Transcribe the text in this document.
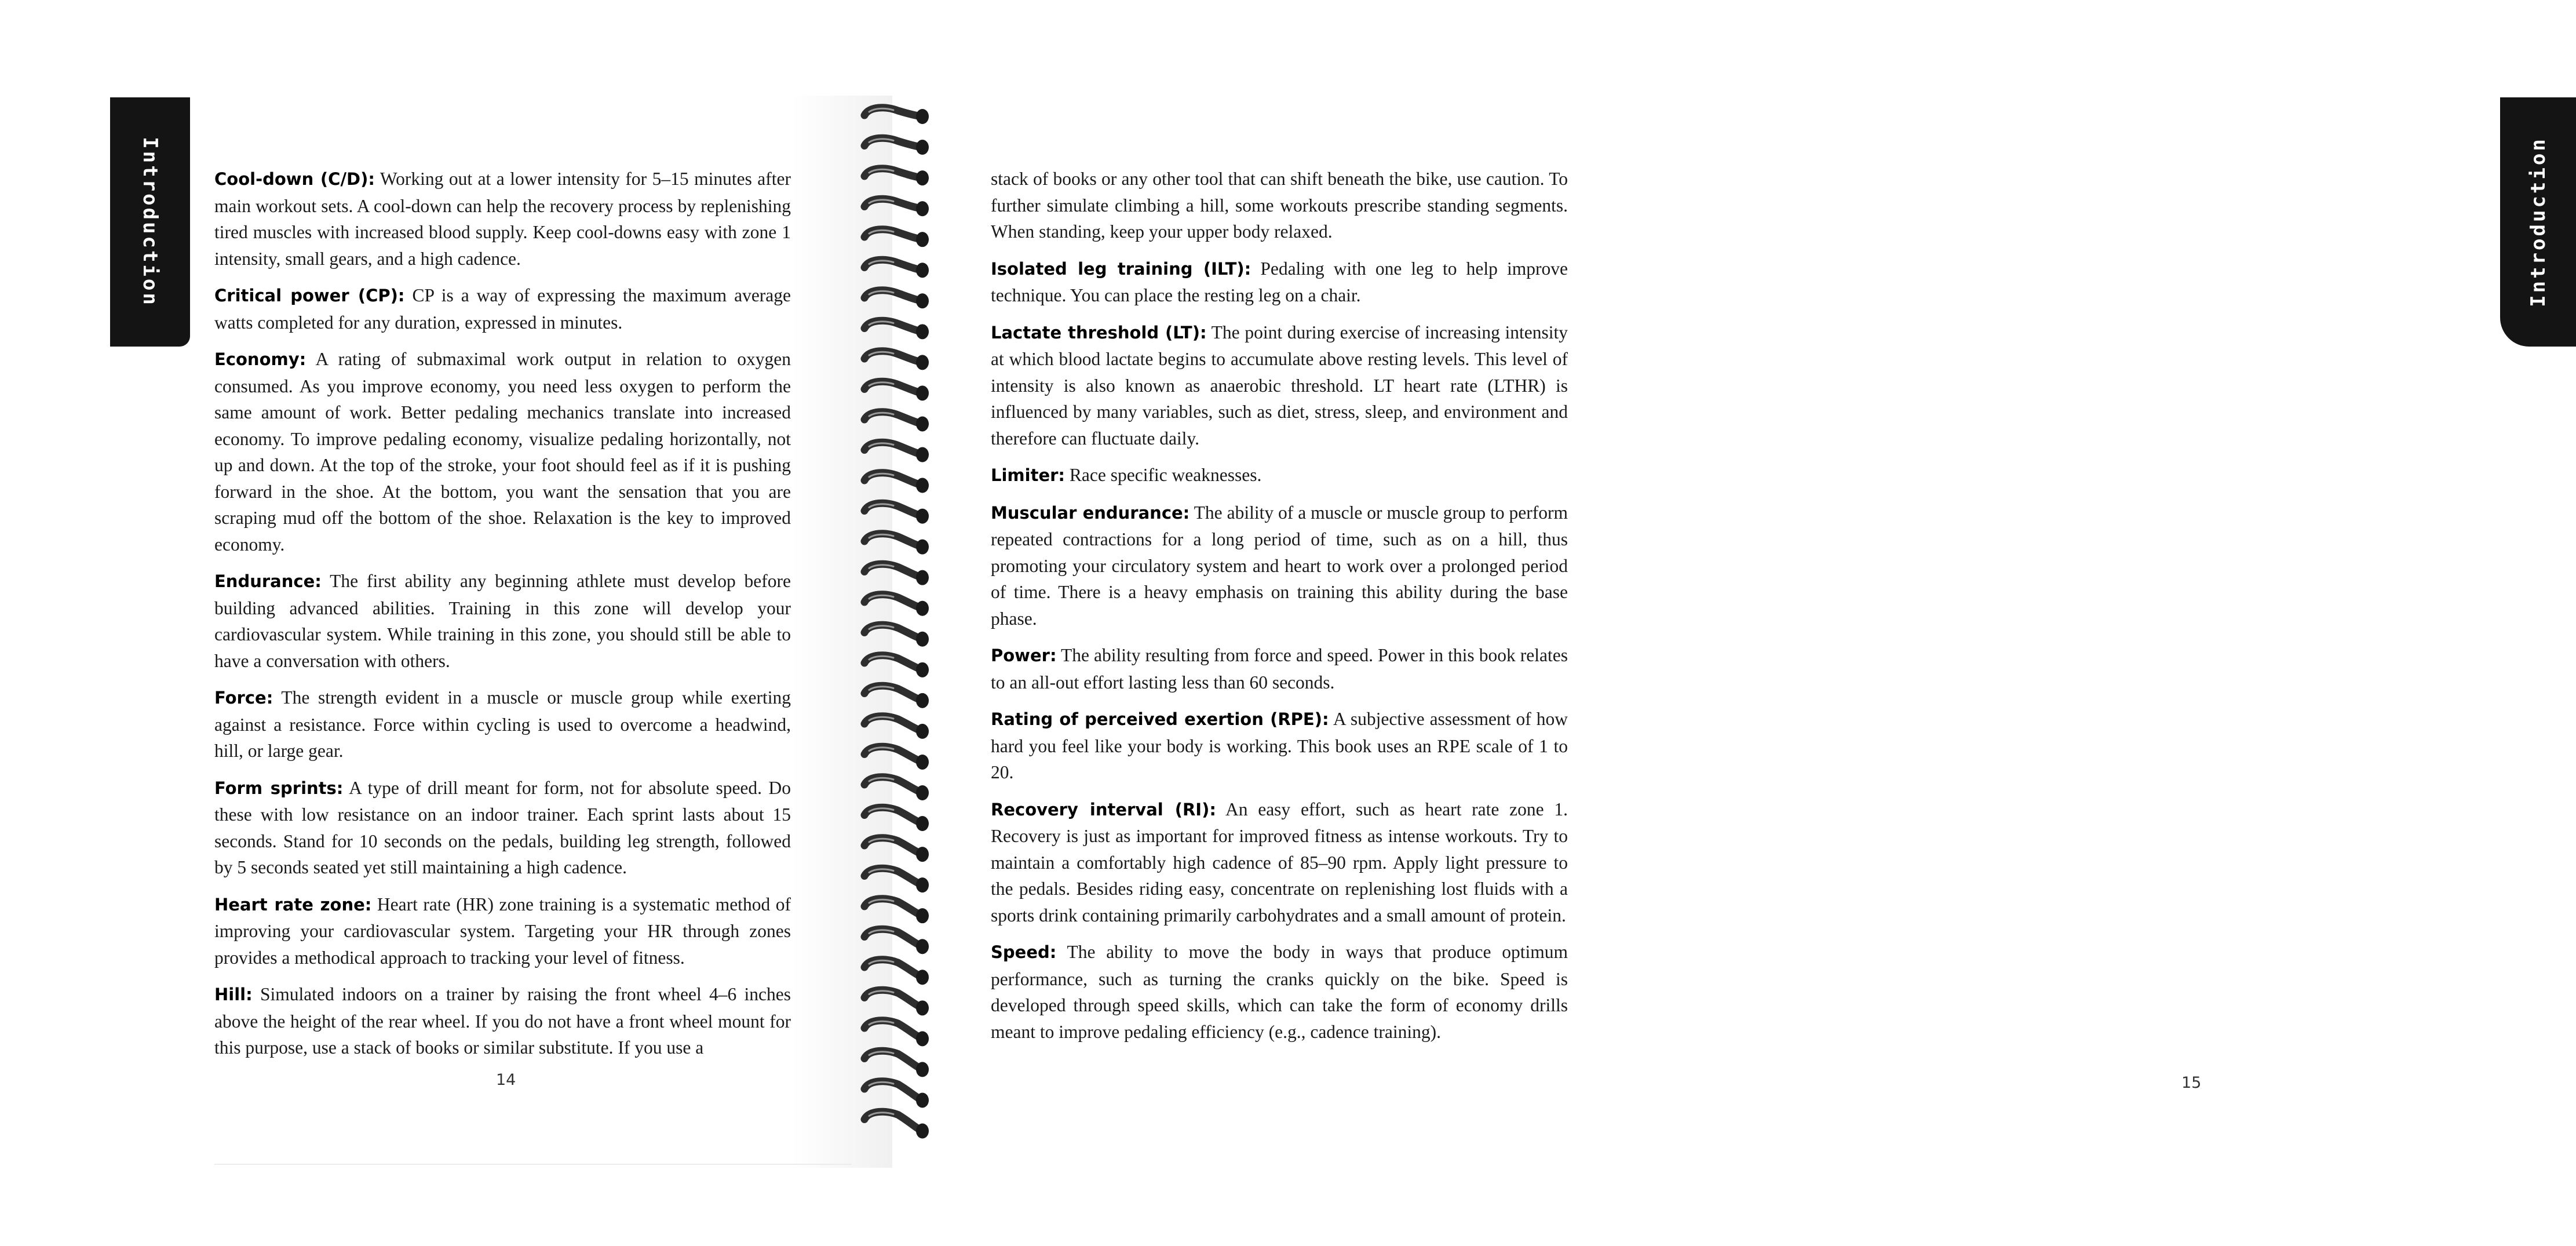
Introduction	Cool-down (C/D): Working out at a lower intensity for 5–15 minutes after main workout sets. A cool-down can help the recovery process by replenishing tired muscles with increased blood supply. Keep cool-downs easy with zone 1 intensity, small gears, and a high cadence.

Critical power (CP): CP is a way of expressing the maximum average watts completed for any duration, expressed in minutes.

Economy: A rating of submaximal work output in relation to oxygen consumed. As you improve economy, you need less oxygen to perform the same amount of work. Better pedaling mechanics translate into increased economy. To improve pedaling economy, visualize pedaling horizontally, not up and down. At the top of the stroke, your foot should feel as if it is pushing forward in the shoe. At the bottom, you want the sensation that you are scraping mud off the bottom of the shoe. Relaxation is the key to improved economy.

Endurance: The first ability any beginning athlete must develop before building advanced abilities. Training in this zone will develop your cardiovascular system. While training in this zone, you should still be able to have a conversation with others.

Force: The strength evident in a muscle or muscle group while exerting against a resistance. Force within cycling is used to overcome a headwind, hill, or large gear.

Form sprints: A type of drill meant for form, not for absolute speed. Do these with low resistance on an indoor trainer. Each sprint lasts about 15 seconds. Stand for 10 seconds on the pedals, building leg strength, followed by 5 seconds seated yet still maintaining a high cadence.

Heart rate zone: Heart rate (HR) zone training is a systematic method of improving your cardiovascular system. Targeting your HR through zones provides a methodical approach to tracking your level of fitness.

Hill: Simulated indoors on a trainer by raising the front wheel 4–6 inches above the height of the rear wheel. If you do not have a front wheel mount for this purpose, use a stack of books or similar substitute. If you use a

14
Introduction
15

stack of books or any other tool that can shift beneath the bike, use caution. To further simulate climbing a hill, some workouts prescribe standing segments. When standing, keep your upper body relaxed.

Isolated leg training (ILT): Pedaling with one leg to help improve technique. You can place the resting leg on a chair.

Lactate threshold (LT): The point during exercise of increasing intensity at which blood lactate begins to accumulate above resting levels. This level of intensity is also known as anaerobic threshold. LT heart rate (LTHR) is influenced by many variables, such as diet, stress, sleep, and environment and therefore can fluctuate daily.

Limiter: Race specific weaknesses.

Muscular endurance: The ability of a muscle or muscle group to perform repeated contractions for a long period of time, such as on a hill, thus promoting your circulatory system and heart to work over a prolonged period of time. There is a heavy emphasis on training this ability during the base phase.

Power: The ability resulting from force and speed. Power in this book relates to an all-out effort lasting less than 60 seconds.

Rating of perceived exertion (RPE): A subjective assessment of how hard you feel like your body is working. This book uses an RPE scale of 1 to 20.

Recovery interval (RI): An easy effort, such as heart rate zone 1. Recovery is just as important for improved fitness as intense workouts. Try to maintain a comfortably high cadence of 85–90 rpm. Apply light pressure to the pedals. Besides riding easy, concentrate on replenishing lost fluids with a sports drink containing primarily carbohydrates and a small amount of protein.

Speed: The ability to move the body in ways that produce optimum performance, such as turning the cranks quickly on the bike. Speed is developed through speed skills, which can take the form of economy drills meant to improve pedaling efficiency (e.g., cadence training).
